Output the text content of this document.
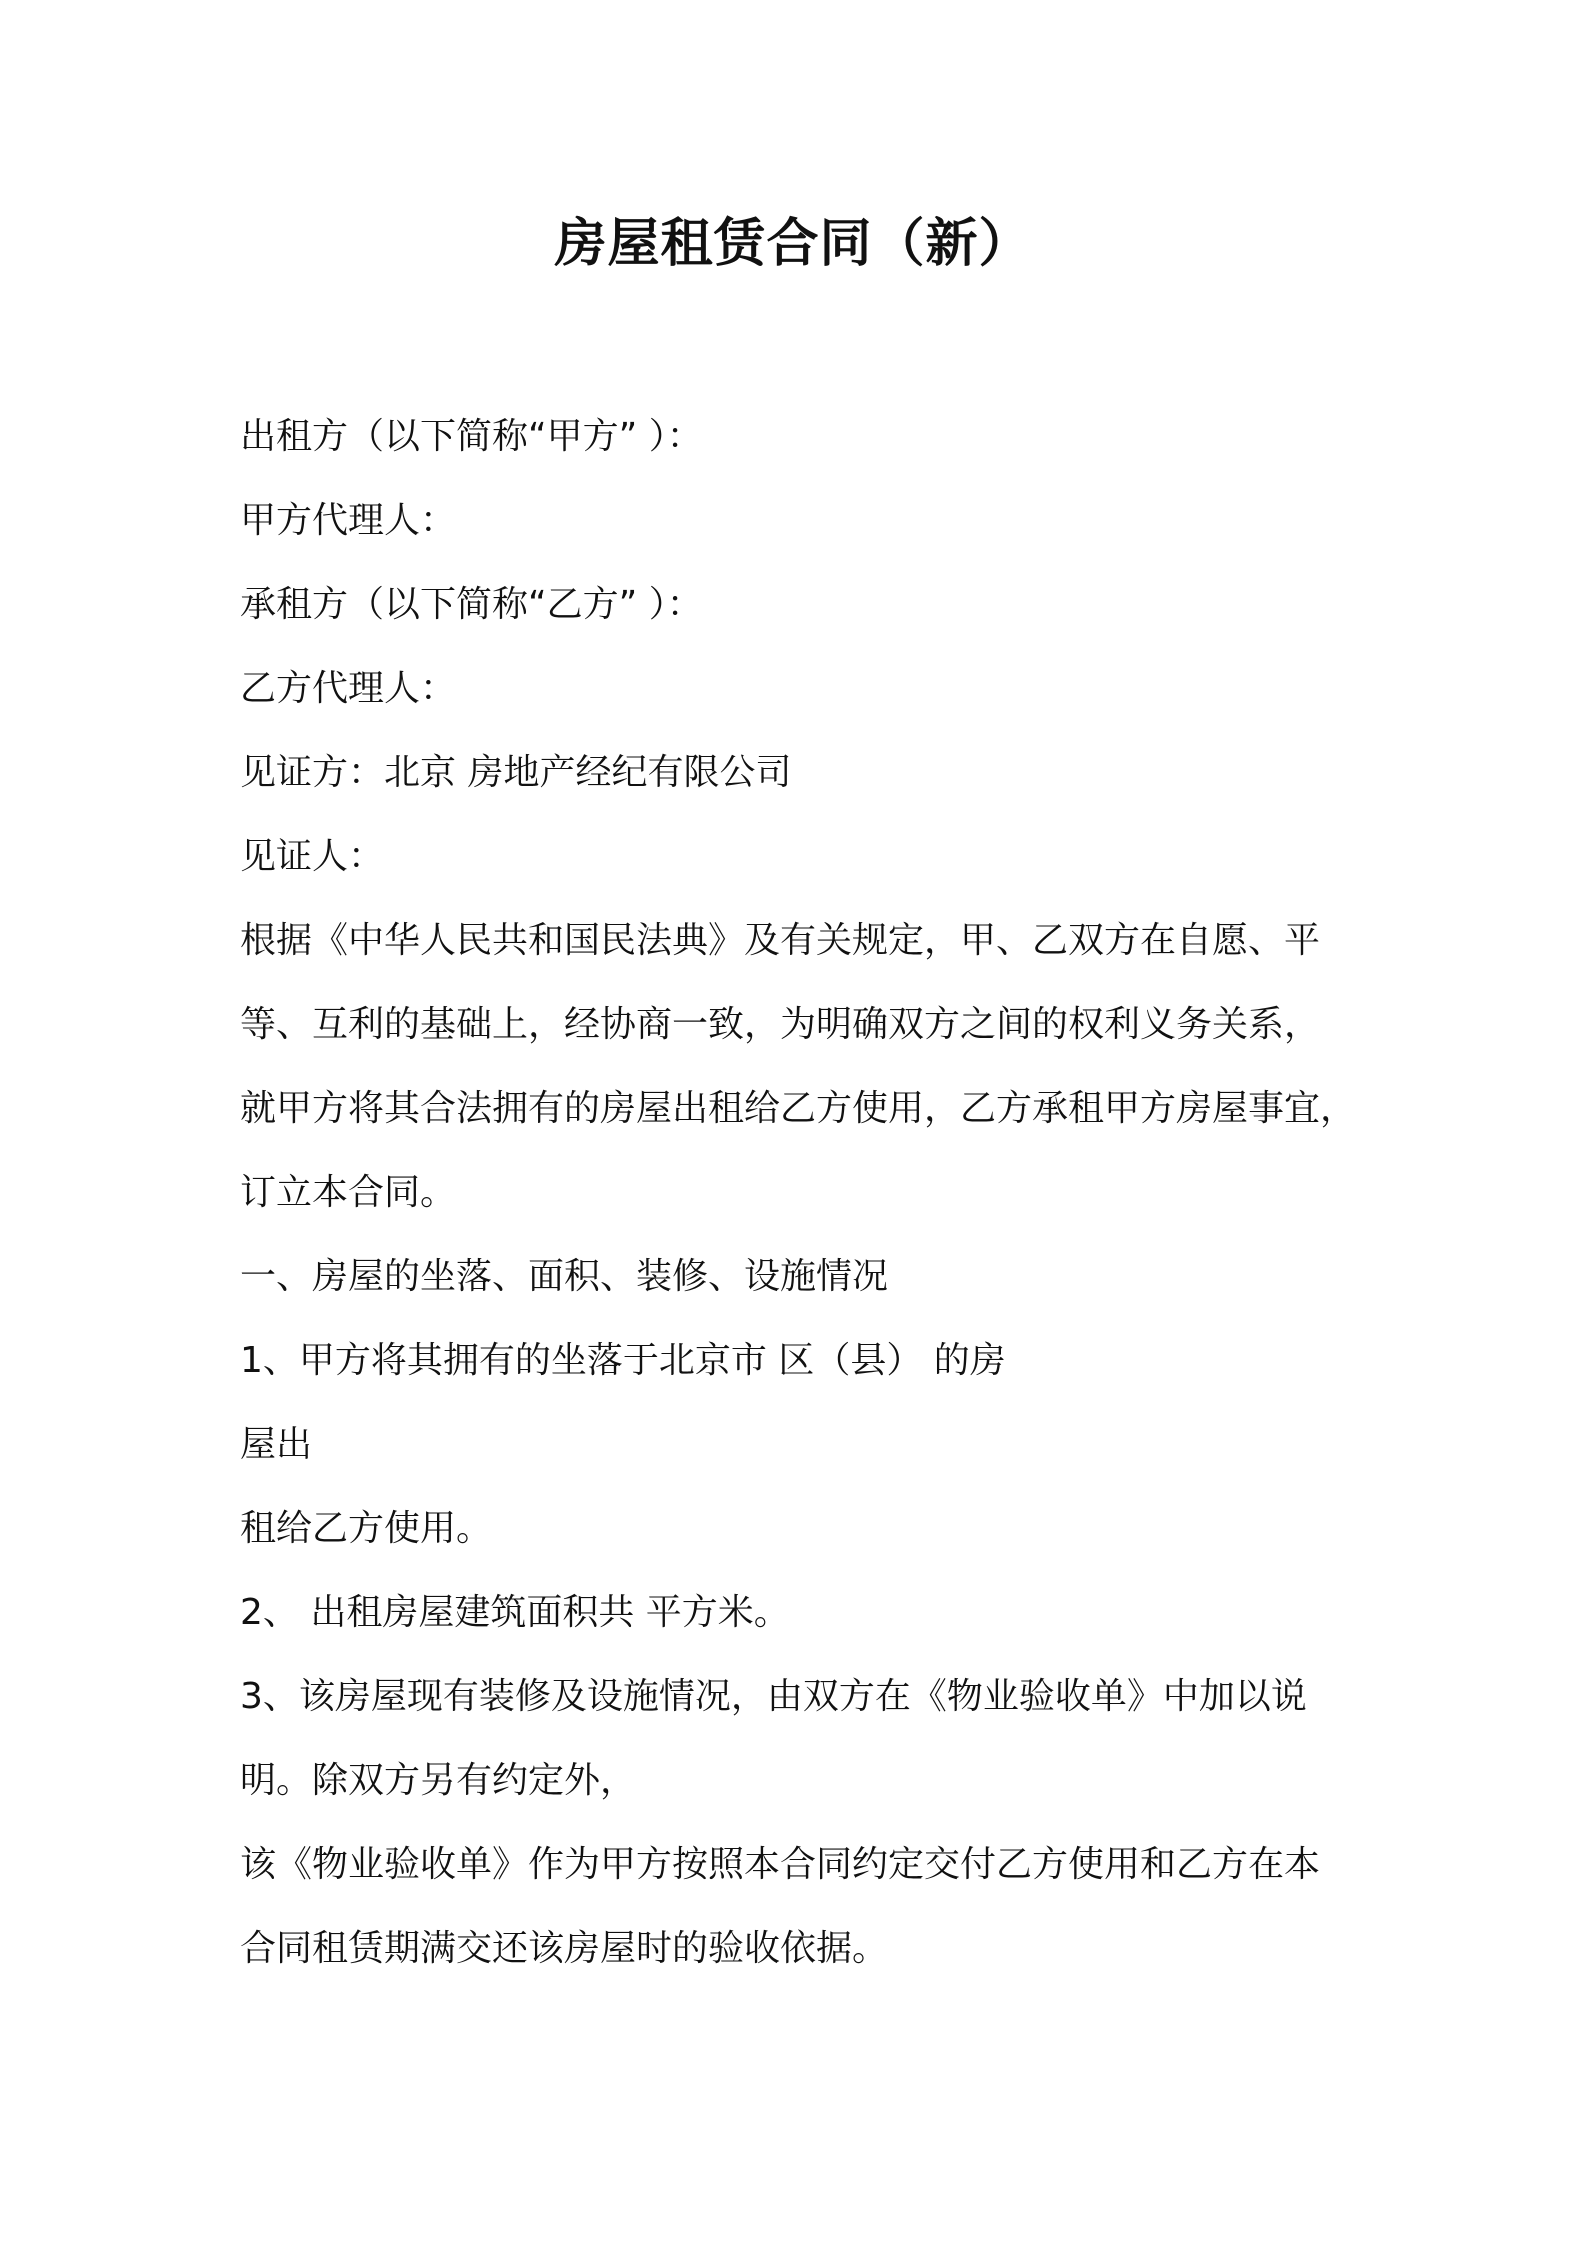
房屋租赁合同（新）
出租方（以下简称“甲方” ）：
甲方代理人：
承租方（以下简称“乙方” ）：
乙方代理人：
见证方：北京 房地产经纪有限公司
见证人：
根据《中华人民共和国民法典》及有关规定，甲、乙双方在自愿、平
等、互利的基础上，经协商一致，为明确双方之间的权利义务关系，
就甲方将其合法拥有的房屋出租给乙方使用，乙方承租甲方房屋事宜，
订立本合同。
一、房屋的坐落、面积、装修、设施情况
1、甲方将其拥有的坐落于北京市 区（县） 的房
屋出
租给乙方使用。
2、 出租房屋建筑面积共 平方米。
3、该房屋现有装修及设施情况，由双方在《物业验收单》中加以说
明。除双方另有约定外，
该《物业验收单》作为甲方按照本合同约定交付乙方使用和乙方在本
合同租赁期满交还该房屋时的验收依据。
